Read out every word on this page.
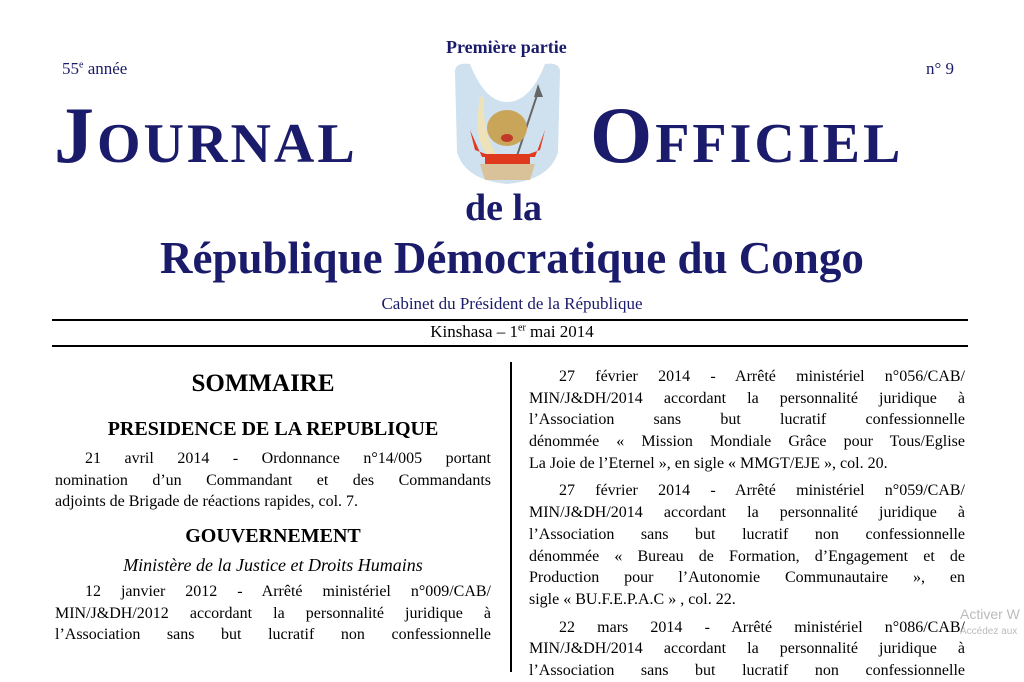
Première partie
55e année	n° 9
Journal	Officiel
de la
République Démocratique du Congo
Cabinet du Président de la République
Kinshasa – 1er mai 2014
SOMMAIRE
PRESIDENCE DE LA REPUBLIQUE
21 avril 2014 - Ordonnance n°14/005 portant
nomination d’un Commandant et des Commandants
adjoints de Brigade de réactions rapides, col. 7.
GOUVERNEMENT
Ministère de la Justice et Droits Humains
12 janvier 2012 - Arrêté ministériel n°009/CAB/
MIN/J&DH/2012 accordant la personnalité juridique à
l’Association sans but lucratif non confessionnelle
27 février 2014 - Arrêté ministériel n°056/CAB/
MIN/J&DH/2014 accordant la personnalité juridique à
l’Association sans but lucratif confessionnelle
dénommée « Mission Mondiale Grâce pour Tous/Eglise
La Joie de l’Eternel », en sigle « MMGT/EJE », col. 20.
27 février 2014 - Arrêté ministériel n°059/CAB/
MIN/J&DH/2014 accordant la personnalité juridique à
l’Association sans but lucratif non confessionnelle
dénommée « Bureau de Formation, d’Engagement et de
Production pour l’Autonomie Communautaire », en
sigle « BU.F.E.P.A.C » , col. 22.
22 mars 2014 - Arrêté ministériel n°086/CAB/
MIN/J&DH/2014 accordant la personnalité juridique à
l’Association sans but lucratif non confessionnelle
Activer W
Accédez aux
